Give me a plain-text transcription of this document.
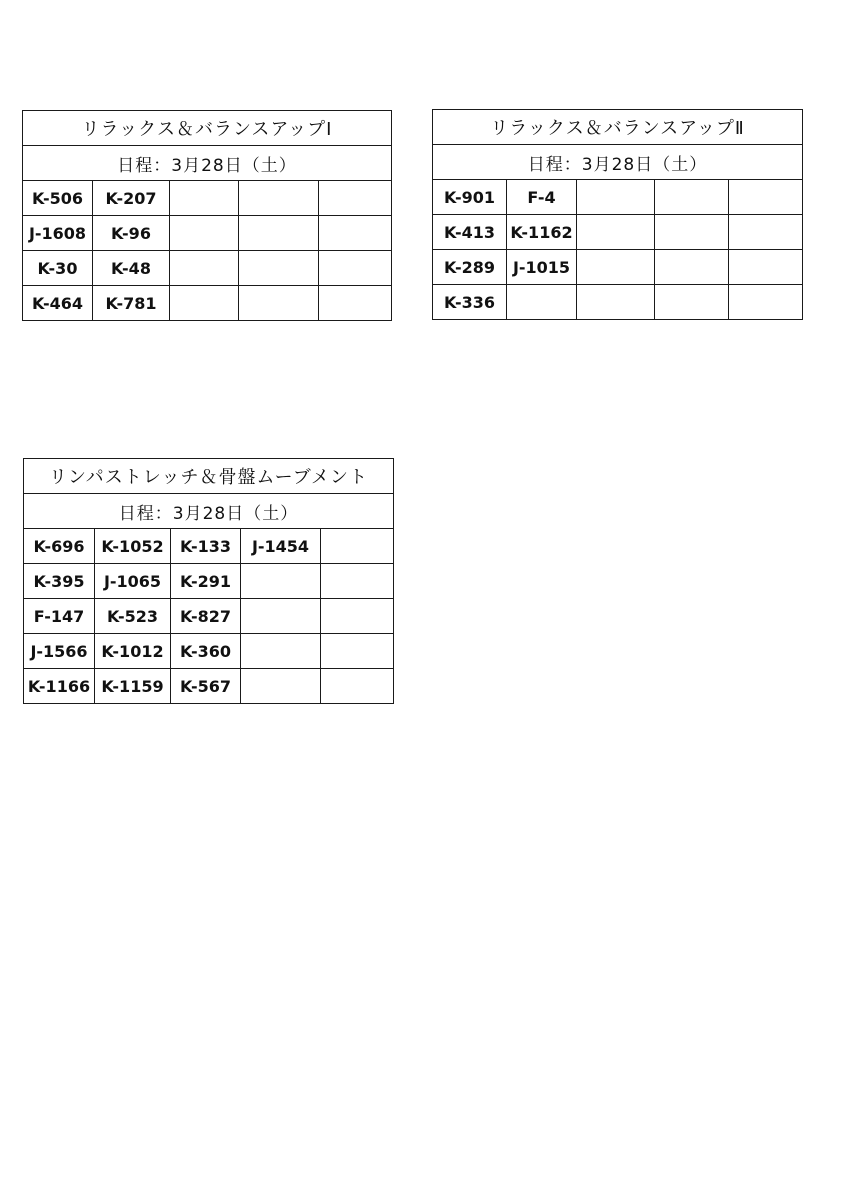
リラックス＆バランスアップⅠ				
日程：3月28日（土）				
K-506	K-207			
J-1608	K-96			
K-30	K-48			
K-464	K-781			
リラックス＆バランスアップⅡ				
日程：3月28日（土）				
K-901	F-4			
K-413	K-1162			
K-289	J-1015			
K-336				
リンパストレッチ＆骨盤ムーブメント				
日程：3月28日（土）				
K-696	K-1052	K-133	J-1454	
K-395	J-1065	K-291		
F-147	K-523	K-827		
J-1566	K-1012	K-360		
K-1166	K-1159	K-567		
